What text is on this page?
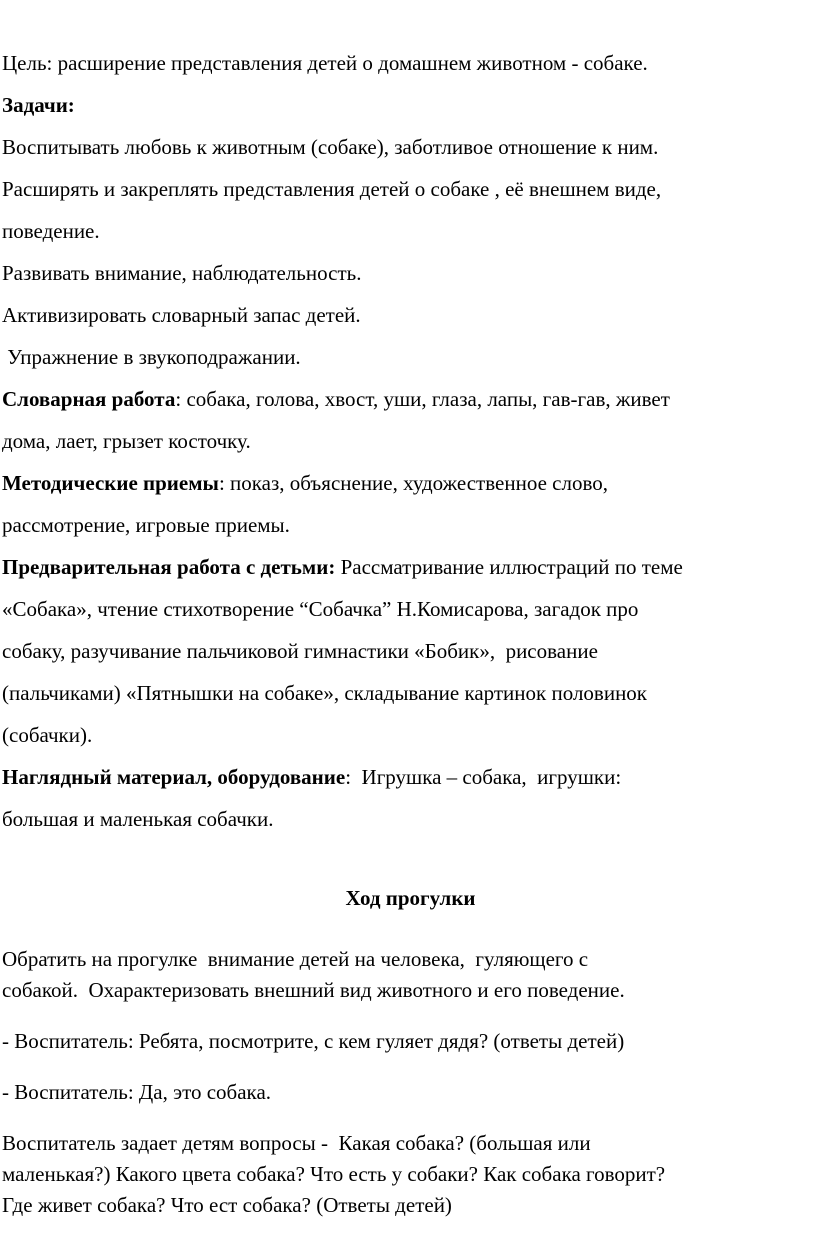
Цель: расширение представления детей о домашнем животном - собаке.
Задачи:
Воспитывать любовь к животным (собаке), заботливое отношение к ним.
Расширять и закреплять представления детей о собаке , её внешнем виде,
поведение.
Развивать внимание, наблюдательность.
Активизировать словарный запас детей.
Упражнение в звукоподражании.
Словарная работа: собака, голова, хвост, уши, глаза, лапы, гав-гав, живет
дома, лает, грызет косточку.
Методические приемы: показ, объяснение, художественное слово,
рассмотрение, игровые приемы.
Предварительная работа с детьми: Рассматривание иллюстраций по теме
«Собака», чтение стихотворение “Собачка” Н.Комисарова, загадок про
собаку, разучивание пальчиковой гимнастики «Бобик»,  рисование
(пальчиками) «Пятнышки на собаке», складывание картинок половинок
(собачки).
Наглядный материал, оборудование:  Игрушка – собака,  игрушки:
большая и маленькая собачки.
Ход прогулки
Обратить на прогулке  внимание детей на человека,  гуляющего с
собакой.  Охарактеризовать внешний вид животного и его поведение.
- Воспитатель: Ребята, посмотрите, с кем гуляет дядя? (ответы детей)
- Воспитатель: Да, это собака.
Воспитатель задает детям вопросы -  Какая собака? (большая или
маленькая?) Какого цвета собака? Что есть у собаки? Как собака говорит?
Где живет собака? Что ест собака? (Ответы детей)
